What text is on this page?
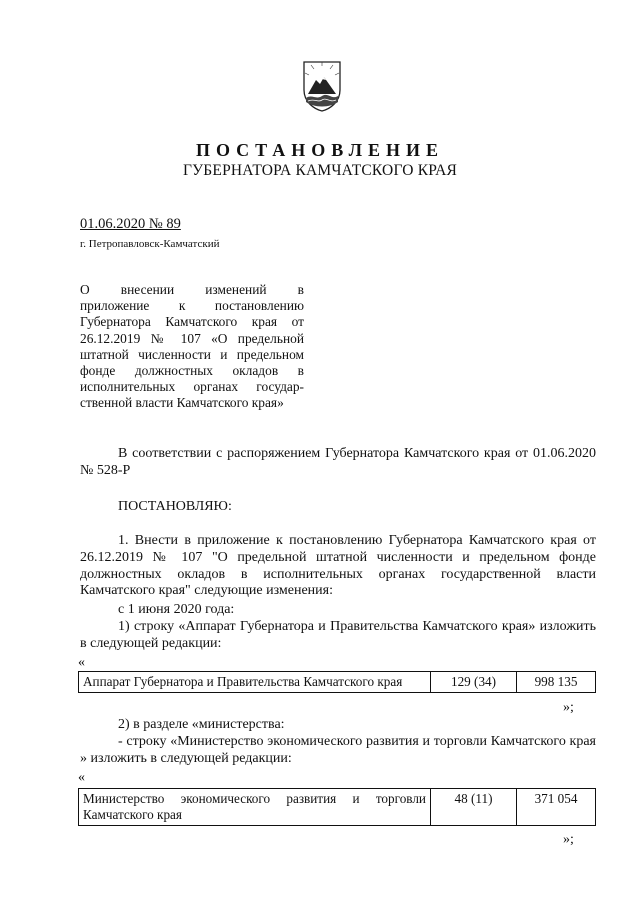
ПОСТАНОВЛЕНИЕ
ГУБЕРНАТОРА КАМЧАТСКОГО КРАЯ
01.06.2020 № 89
г. Петропавловск-Камчатский
О внесении изменений в
приложение к постановлению
Губернатора Камчатского края от
26.12.2019 № 107 «О предельной
штатной численности и предельном
фонде должностных окладов в
исполнительных органах государ-
ственной власти Камчатского края»
В соответствии с распоряжением Губернатора Камчатского края от 01.06.2020 № 528-Р
ПОСТАНОВЛЯЮ:
1. Внести в приложение к постановлению Губернатора Камчатского края от 26.12.2019 № 107 "О предельной штатной численности и предельном фонде должностных окладов в исполнительных органах государственной власти Камчатского края" следующие изменения:
с 1 июня 2020 года:
1) строку «Аппарат Губернатора и Правительства Камчатского края» изложить в следующей редакции:
«
Аппарат Губернатора и Правительства Камчатского края	129 (34)	998 135
»;
2) в разделе «министерства:
- строку «Министерство экономического развития и торговли Камчатского края » изложить в следующей редакции:
«
Министерство экономического развития и торговли Камчатского края	48 (11)	371 054
»;
